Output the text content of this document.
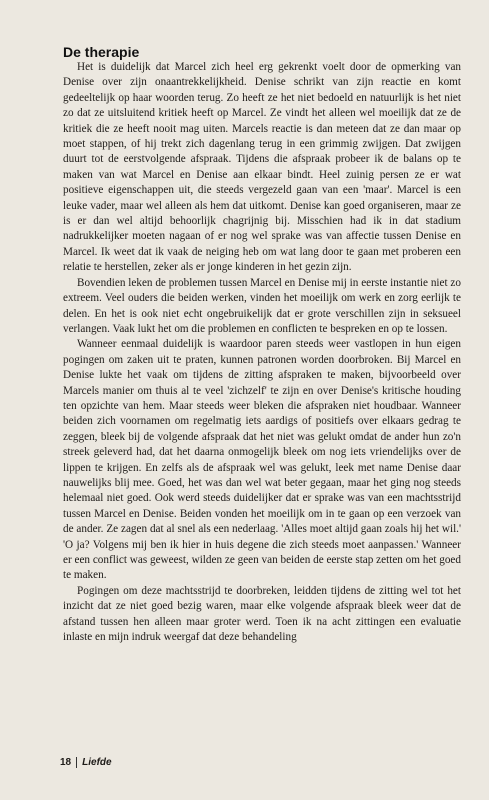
De therapie

Het is duidelijk dat Marcel zich heel erg gekrenkt voelt door de opmerking van Denise over zijn onaantrekkelijkheid. Denise schrikt van zijn reactie en komt gedeeltelijk op haar woorden terug. Zo heeft ze het niet bedoeld en natuurlijk is het niet zo dat ze uitsluitend kritiek heeft op Marcel. Ze vindt het alleen wel moeilijk dat ze de kritiek die ze heeft nooit mag uiten. Marcels reactie is dan meteen dat ze dan maar op moet stappen, of hij trekt zich dagenlang terug in een grimmig zwijgen. Dat zwijgen duurt tot de eerstvolgende afspraak. Tijdens die afspraak probeer ik de balans op te maken van wat Marcel en Denise aan elkaar bindt. Heel zuinig persen ze er wat positieve eigenschappen uit, die steeds vergezeld gaan van een 'maar'. Marcel is een leuke vader, maar wel alleen als hem dat uitkomt. Denise kan goed organiseren, maar ze is er dan wel altijd behoorlijk chagrijnig bij. Misschien had ik in dat stadium nadrukkelijker moeten nagaan of er nog wel sprake was van affectie tussen Denise en Marcel. Ik weet dat ik vaak de neiging heb om wat lang door te gaan met proberen een relatie te herstellen, zeker als er jonge kinderen in het gezin zijn.

Bovendien leken de problemen tussen Marcel en Denise mij in eerste instantie niet zo extreem. Veel ouders die beiden werken, vinden het moeilijk om werk en zorg eerlijk te delen. En het is ook niet echt ongebruikelijk dat er grote verschillen zijn in seksueel verlangen. Vaak lukt het om die problemen en conflicten te bespreken en op te lossen.

Wanneer eenmaal duidelijk is waardoor paren steeds weer vastlopen in hun eigen pogingen om zaken uit te praten, kunnen patronen worden doorbroken. Bij Marcel en Denise lukte het vaak om tijdens de zitting afspraken te maken, bijvoorbeeld over Marcels manier om thuis al te veel 'zichzelf' te zijn en over Denise's kritische houding ten opzichte van hem. Maar steeds weer bleken die afspraken niet houdbaar. Wanneer beiden zich voornamen om regelmatig iets aardigs of positiefs over elkaars gedrag te zeggen, bleek bij de volgende afspraak dat het niet was gelukt omdat de ander hun zo'n streek geleverd had, dat het daarna onmogelijk bleek om nog iets vriendelijks over de lippen te krijgen. En zelfs als de afspraak wel was gelukt, leek met name Denise daar nauwelijks blij mee. Goed, het was dan wel wat beter gegaan, maar het ging nog steeds helemaal niet goed. Ook werd steeds duidelijker dat er sprake was van een machtsstrijd tussen Marcel en Denise. Beiden vonden het moeilijk om in te gaan op een verzoek van de ander. Ze zagen dat al snel als een nederlaag. 'Alles moet altijd gaan zoals hij het wil.' 'O ja? Volgens mij ben ik hier in huis degene die zich steeds moet aanpassen.' Wanneer er een conflict was geweest, wilden ze geen van beiden de eerste stap zetten om het goed te maken.

Pogingen om deze machtsstrijd te doorbreken, leidden tijdens de zitting wel tot het inzicht dat ze niet goed bezig waren, maar elke volgende afspraak bleek weer dat de afstand tussen hen alleen maar groter werd. Toen ik na acht zittingen een evaluatie inlaste en mijn indruk weergaf dat deze behandeling

18 Liefde
